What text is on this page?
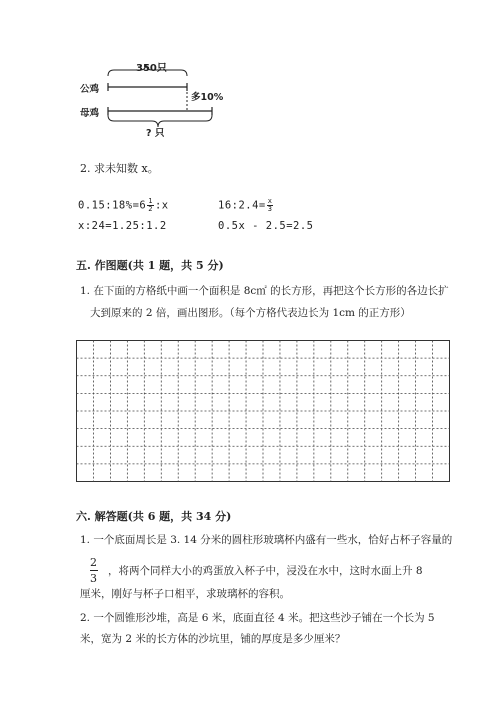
350只
公鸡
母鸡
多10%
? 只
2. 求未知数 x。
0.15:18%=6 $\frac{1}{2}$ :x	16:2.4= $\frac{x}{3}$
x:24=1.25:1.2	0.5x - 2.5=2.5
五. 作图题(共 1 题，共 5 分)
1. 在下面的方格纸中画一个面积是 8c㎡ 的长方形，再把这个长方形的各边长扩
大到原来的 2 倍，画出图形。（每个方格代表边长为 1cm 的正方形）
六. 解答题(共 6 题，共 34 分)
1. 一个底面周长是 3. 14 分米的圆柱形玻璃杯内盛有一些水，恰好占杯子容量的
2
3
，将两个同样大小的鸡蛋放入杯子中，浸没在水中，这时水面上升 8
厘米，刚好与杯子口相平，求玻璃杯的容积。
2. 一个圆锥形沙堆，高是 6 米，底面直径 4 米。把这些沙子铺在一个长为 5
米，宽为 2 米的长方体的沙坑里，铺的厚度是多少厘米？
